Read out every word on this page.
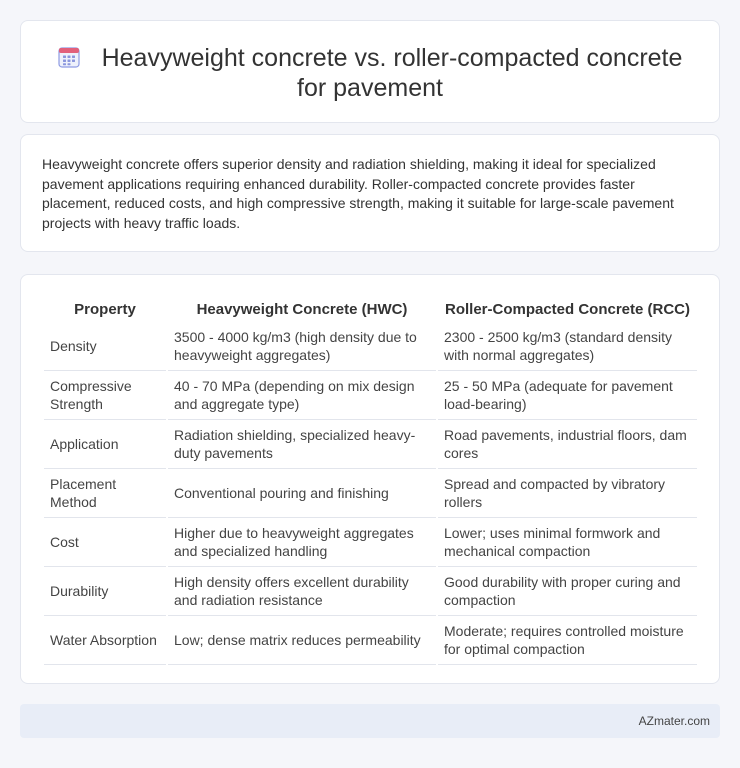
Heavyweight concrete vs. roller-compacted concrete for pavement

Heavyweight concrete offers superior density and radiation shielding, making it ideal for specialized pavement applications requiring enhanced durability. Roller-compacted concrete provides faster placement, reduced costs, and high compressive strength, making it suitable for large-scale pavement projects with heavy traffic loads.

Property	Heavyweight Concrete (HWC)	Roller-Compacted Concrete (RCC)
Density	3500 - 4000 kg/m3 (high density due to heavyweight aggregates)	2300 - 2500 kg/m3 (standard density with normal aggregates)
Compressive Strength	40 - 70 MPa (depending on mix design and aggregate type)	25 - 50 MPa (adequate for pavement load-bearing)
Application	Radiation shielding, specialized heavy-duty pavements	Road pavements, industrial floors, dam cores
Placement Method	Conventional pouring and finishing	Spread and compacted by vibratory rollers
Cost	Higher due to heavyweight aggregates and specialized handling	Lower; uses minimal formwork and mechanical compaction
Durability	High density offers excellent durability and radiation resistance	Good durability with proper curing and compaction
Water Absorption	Low; dense matrix reduces permeability	Moderate; requires controlled moisture for optimal compaction
AZmater.com
